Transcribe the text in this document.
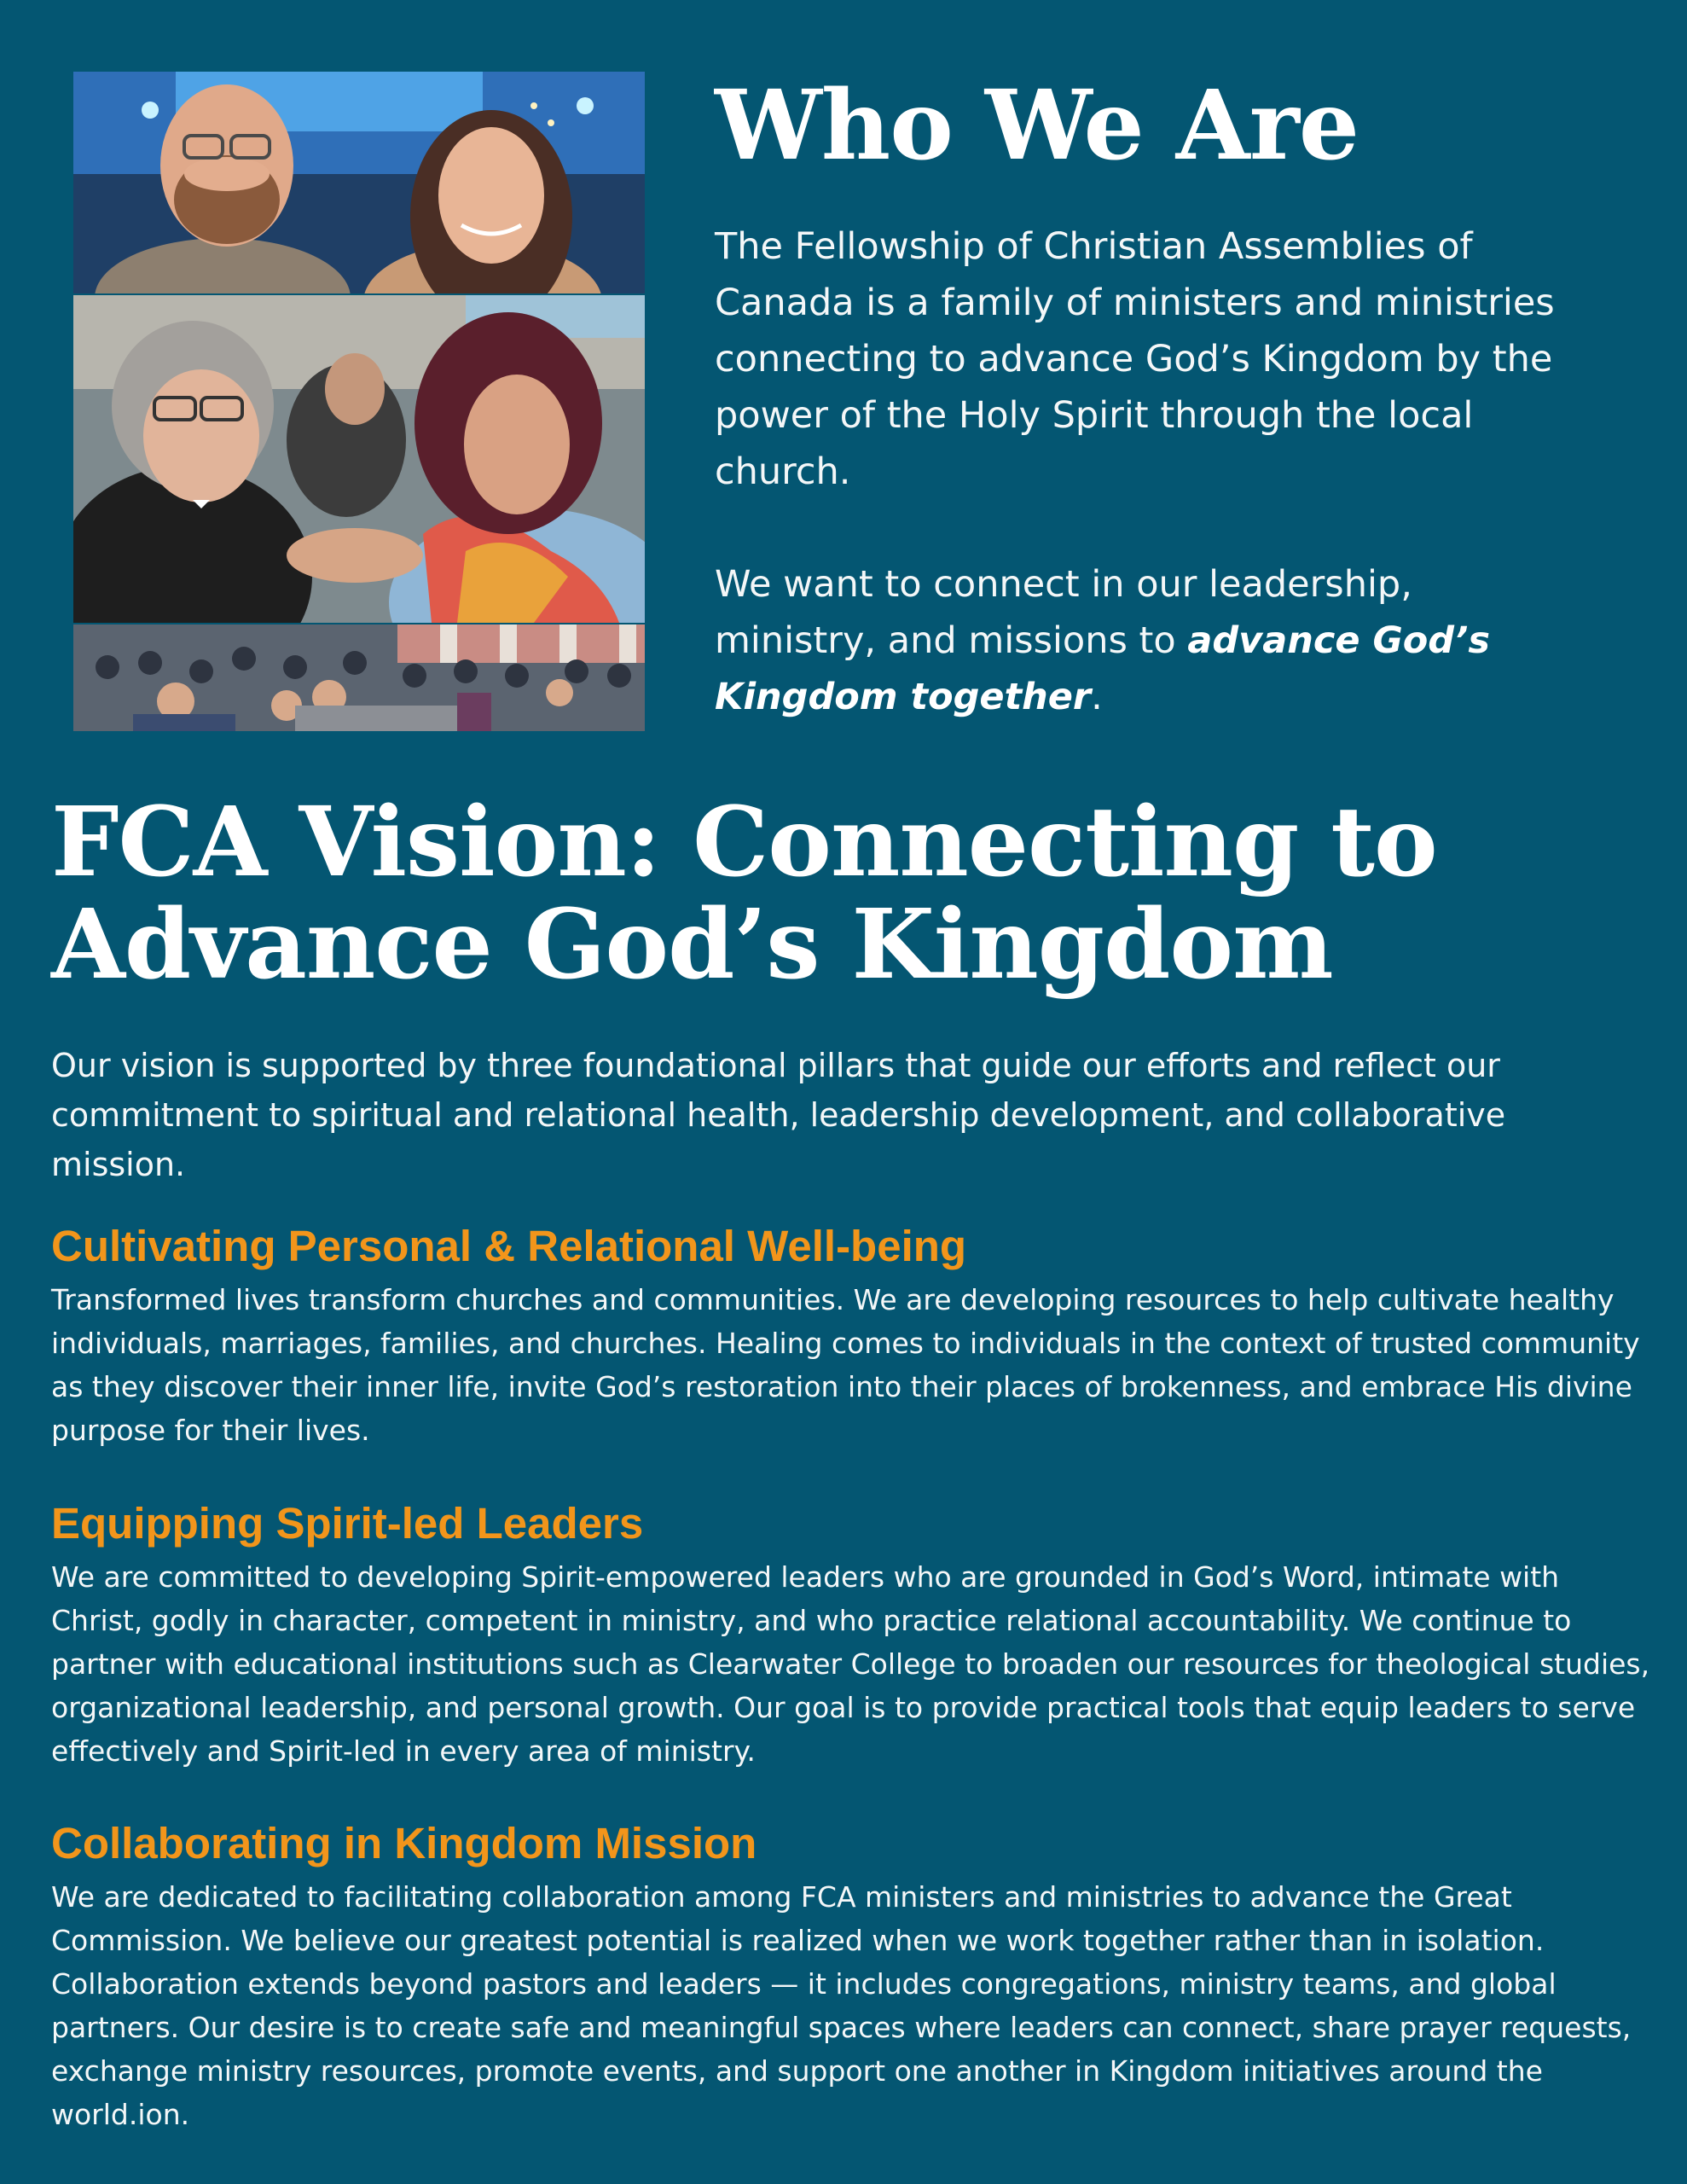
Who We Are

The Fellowship of Christian Assemblies of Canada is a family of ministers and ministries connecting to advance God’s Kingdom by the power of the Holy Spirit through the local church.

We want to connect in our leadership, ministry, and missions to advance God’s Kingdom together.

FCA Vision: Connecting to Advance God’s Kingdom

Our vision is supported by three foundational pillars that guide our efforts and reflect our commitment to spiritual and relational health, leadership development, and collaborative mission.

Cultivating Personal & Relational Well-being

Transformed lives transform churches and communities. We are developing resources to help cultivate healthy individuals, marriages, families, and churches. Healing comes to individuals in the context of trusted community as they discover their inner life, invite God’s restoration into their places of brokenness, and embrace His divine purpose for their lives.

Equipping Spirit-led Leaders

We are committed to developing Spirit-empowered leaders who are grounded in God’s Word, intimate with Christ, godly in character, competent in ministry, and who practice relational accountability. We continue to partner with educational institutions such as Clearwater College to broaden our resources for theological studies, organizational leadership, and personal growth. Our goal is to provide practical tools that equip leaders to serve effectively and Spirit-led in every area of ministry.

Collaborating in Kingdom Mission

We are dedicated to facilitating collaboration among FCA ministers and ministries to advance the Great Commission. We believe our greatest potential is realized when we work together rather than in isolation. Collaboration extends beyond pastors and leaders — it includes congregations, ministry teams, and global partners. Our desire is to create safe and meaningful spaces where leaders can connect, share prayer requests, exchange ministry resources, promote events, and support one another in Kingdom initiatives around the world.ion.
